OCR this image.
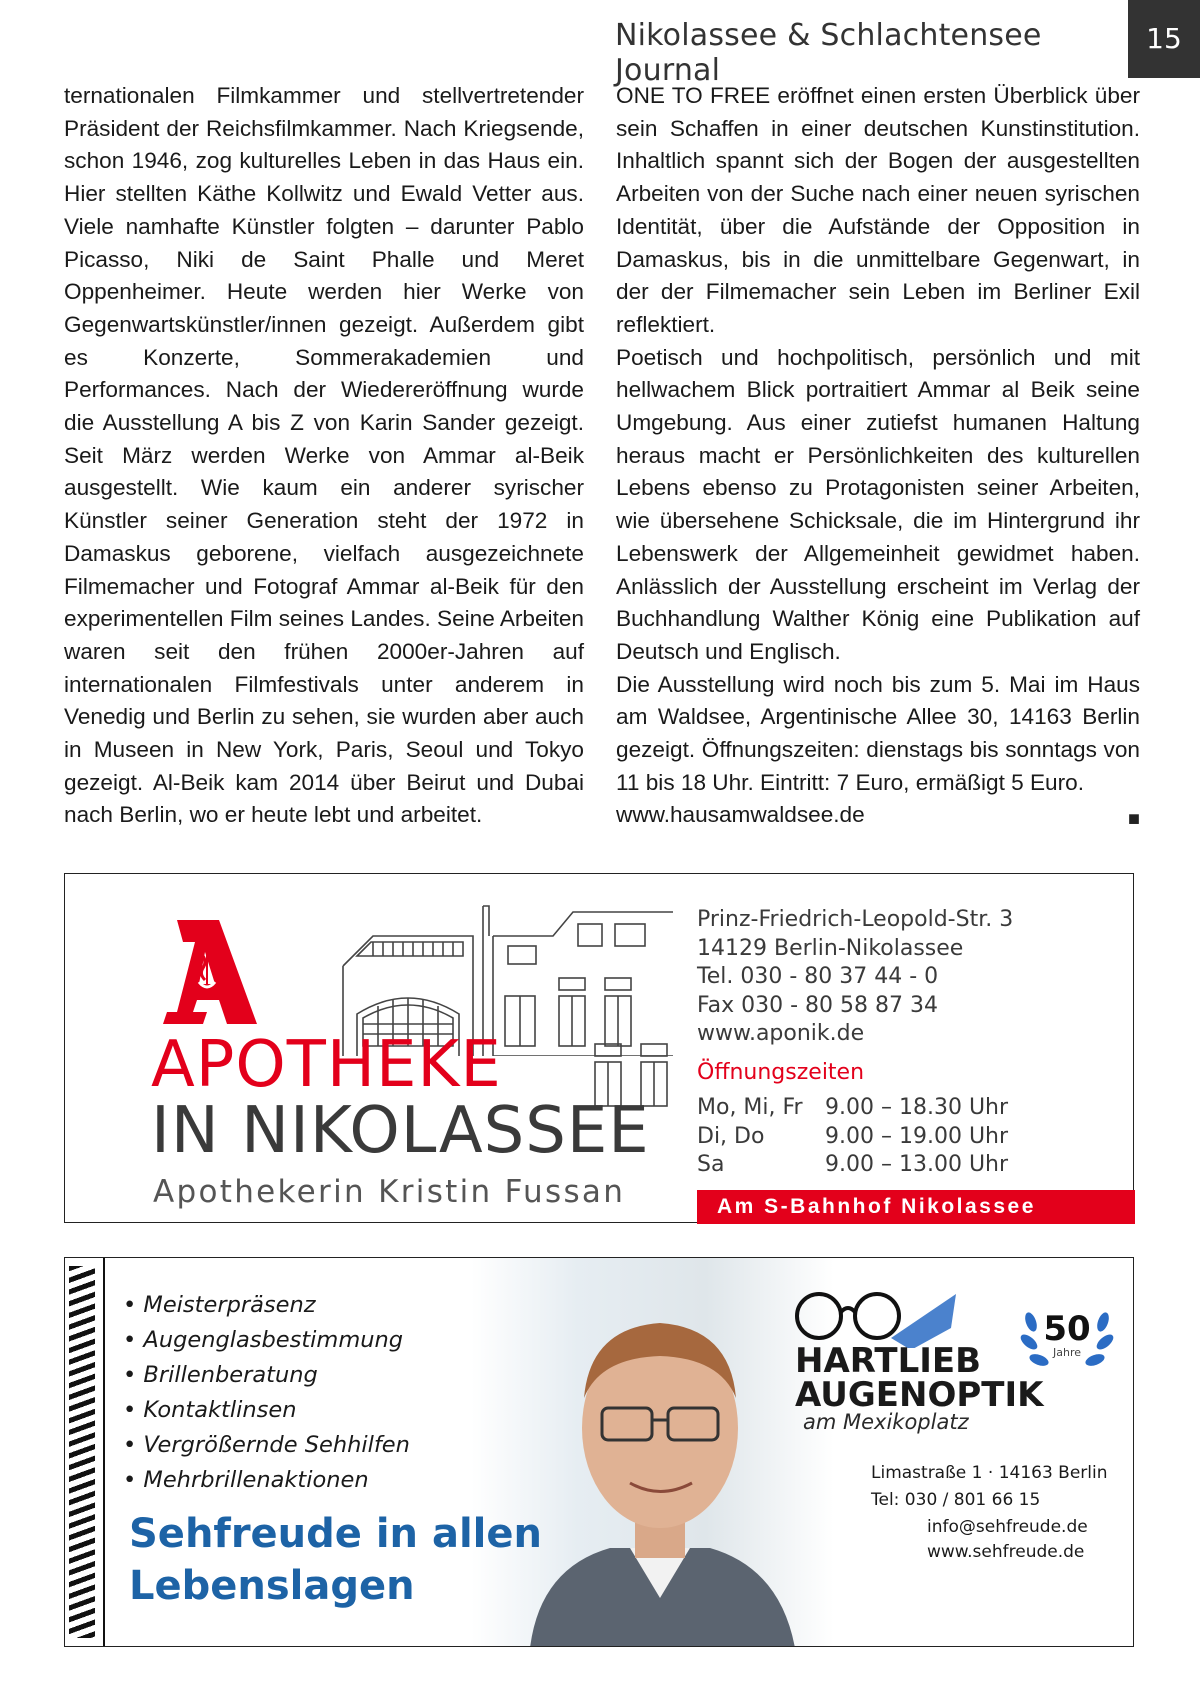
Nikolassee & Schlachtensee Journal
15

ternationalen Filmkammer und stellvertretender Präsident der Reichsfilmkammer. Nach Kriegsende, schon 1946, zog kulturelles Leben in das Haus ein. Hier stellten Käthe Kollwitz und Ewald Vetter aus. Viele namhafte Künstler folgten – darunter Pablo Picasso, Niki de Saint Phalle und Meret Oppenheimer. Heute werden hier Werke von Gegenwartskünstler/innen gezeigt. Außerdem gibt es Konzerte, Sommerakademien und Performances. Nach der Wiedereröffnung wurde die Ausstellung A bis Z von Karin Sander gezeigt. Seit März werden Werke von Ammar al-Beik ausgestellt. Wie kaum ein anderer syrischer Künstler seiner Generation steht der 1972 in Damaskus geborene, vielfach ausgezeichnete Filmemacher und Fotograf Ammar al-Beik für den experimentellen Film seines Landes. Seine Arbeiten waren seit den frühen 2000er-Jahren auf internationalen Filmfestivals unter anderem in Venedig und Berlin zu sehen, sie wurden aber auch in Museen in New York, Paris, Seoul und Tokyo gezeigt. Al-Beik kam 2014 über Beirut und Dubai nach Berlin, wo er heute lebt und arbeitet.

ONE TO FREE eröffnet einen ersten Überblick über sein Schaffen in einer deutschen Kunstinstitution. Inhaltlich spannt sich der Bogen der ausgestellten Arbeiten von der Suche nach einer neuen syrischen Identität, über die Aufstände der Opposition in Damaskus, bis in die unmittelbare Gegenwart, in der der Filmemacher sein Leben im Berliner Exil reflektiert.

Poetisch und hochpolitisch, persönlich und mit hellwachem Blick portraitiert Ammar al Beik seine Umgebung. Aus einer zutiefst humanen Haltung heraus macht er Persönlichkeiten des kulturellen Lebens ebenso zu Protagonisten seiner Arbeiten, wie übersehene Schicksale, die im Hintergrund ihr Lebenswerk der Allgemeinheit gewidmet haben. Anlässlich der Ausstellung erscheint im Verlag der Buchhandlung Walther König eine Publikation auf Deutsch und Englisch.

Die Ausstellung wird noch bis zum 5. Mai im Haus am Waldsee, Argentinische Allee 30, 14163 Berlin gezeigt. Öffnungszeiten: dienstags bis sonntags von 11 bis 18 Uhr. Eintritt: 7 Euro, ermäßigt 5 Euro.

www.hausamwaldsee.de	■

APOTHEKE
IN NIKOLASSEE
Apothekerin Kristin Fussan
Prinz-Friedrich-Leopold-Str. 3
14129 Berlin-Nikolassee
Tel. 030 - 80 37 44 - 0
Fax 030 - 80 58 87 34
www.aponik.de
Öffnungszeiten
Mo, Mi, Fr 9.00 – 18.30 Uhr
Di, Do	9.00 – 19.00 Uhr
Sa	9.00 – 13.00 Uhr
Am S-Bahnhof Nikolassee
• Meisterpräsenz
• Augenglasbestimmung
• Brillenberatung
• Kontaktlinsen
• Vergrößernde Sehhilfen
• Mehrbrillenaktionen
Sehfreude in allen
Lebenslagen
HARTLIEB
AUGENOPTIK
am Mexikoplatz
50
Jahre
Limastraße 1 · 14163 Berlin
Tel: 030 / 801 66 15
info@sehfreude.de
www.sehfreude.de
